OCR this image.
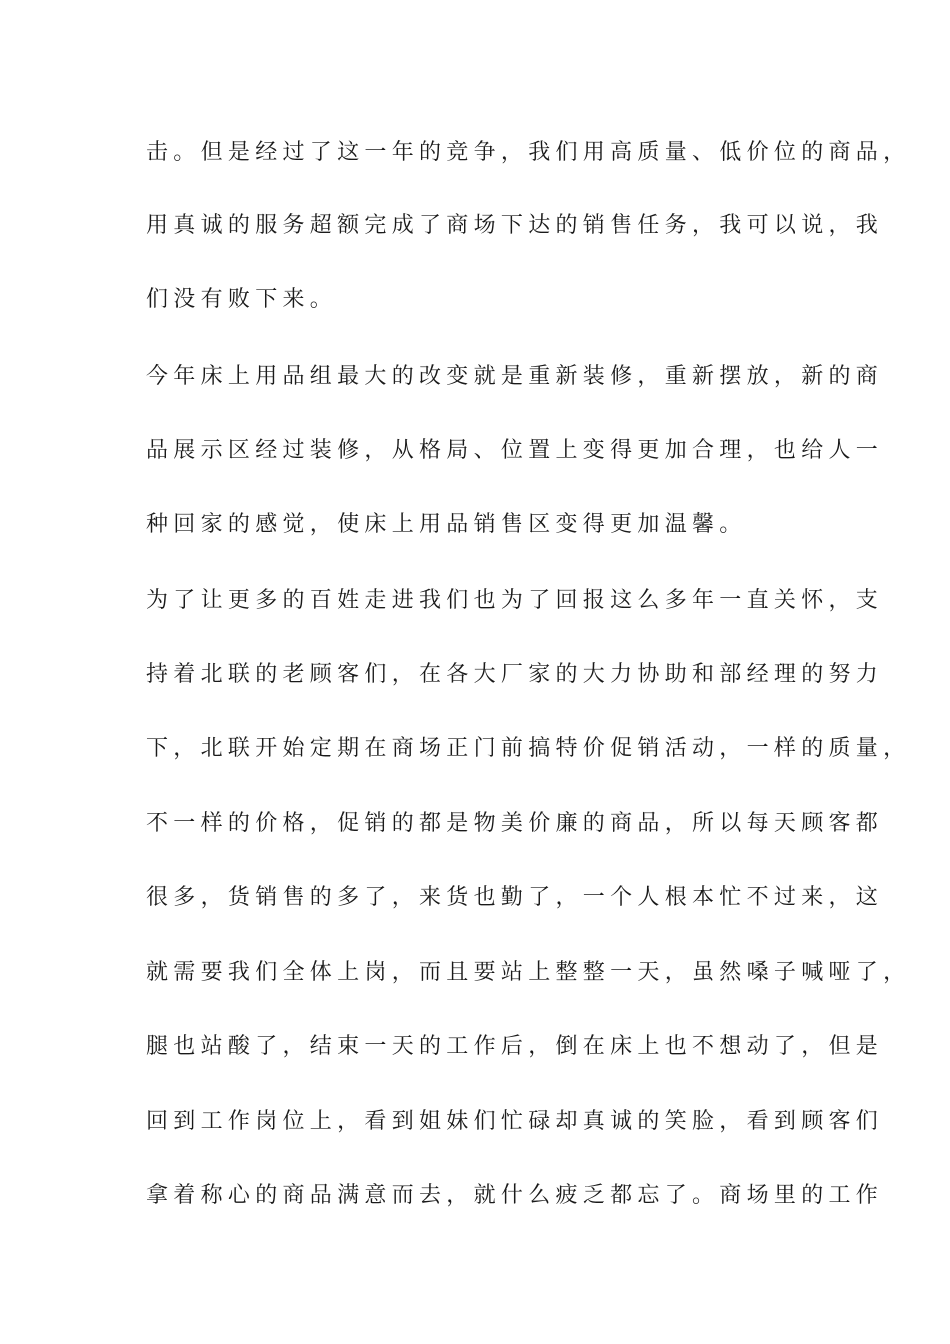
击。但是经过了这一年的竞争，我们用高质量、低价位的商品，
用真诚的服务超额完成了商场下达的销售任务，我可以说，我
们没有败下来。
今年床上用品组最大的改变就是重新装修，重新摆放，新的商
品展示区经过装修，从格局、位置上变得更加合理，也给人一
种回家的感觉，使床上用品销售区变得更加温馨。
为了让更多的百姓走进我们也为了回报这么多年一直关怀，支
持着北联的老顾客们，在各大厂家的大力协助和部经理的努力
下，北联开始定期在商场正门前搞特价促销活动，一样的质量，
不一样的价格，促销的都是物美价廉的商品，所以每天顾客都
很多，货销售的多了，来货也勤了，一个人根本忙不过来，这
就需要我们全体上岗，而且要站上整整一天，虽然嗓子喊哑了，
腿也站酸了，结束一天的工作后，倒在床上也不想动了，但是
回到工作岗位上，看到姐妹们忙碌却真诚的笑脸，看到顾客们
拿着称心的商品满意而去，就什么疲乏都忘了。商场里的工作
